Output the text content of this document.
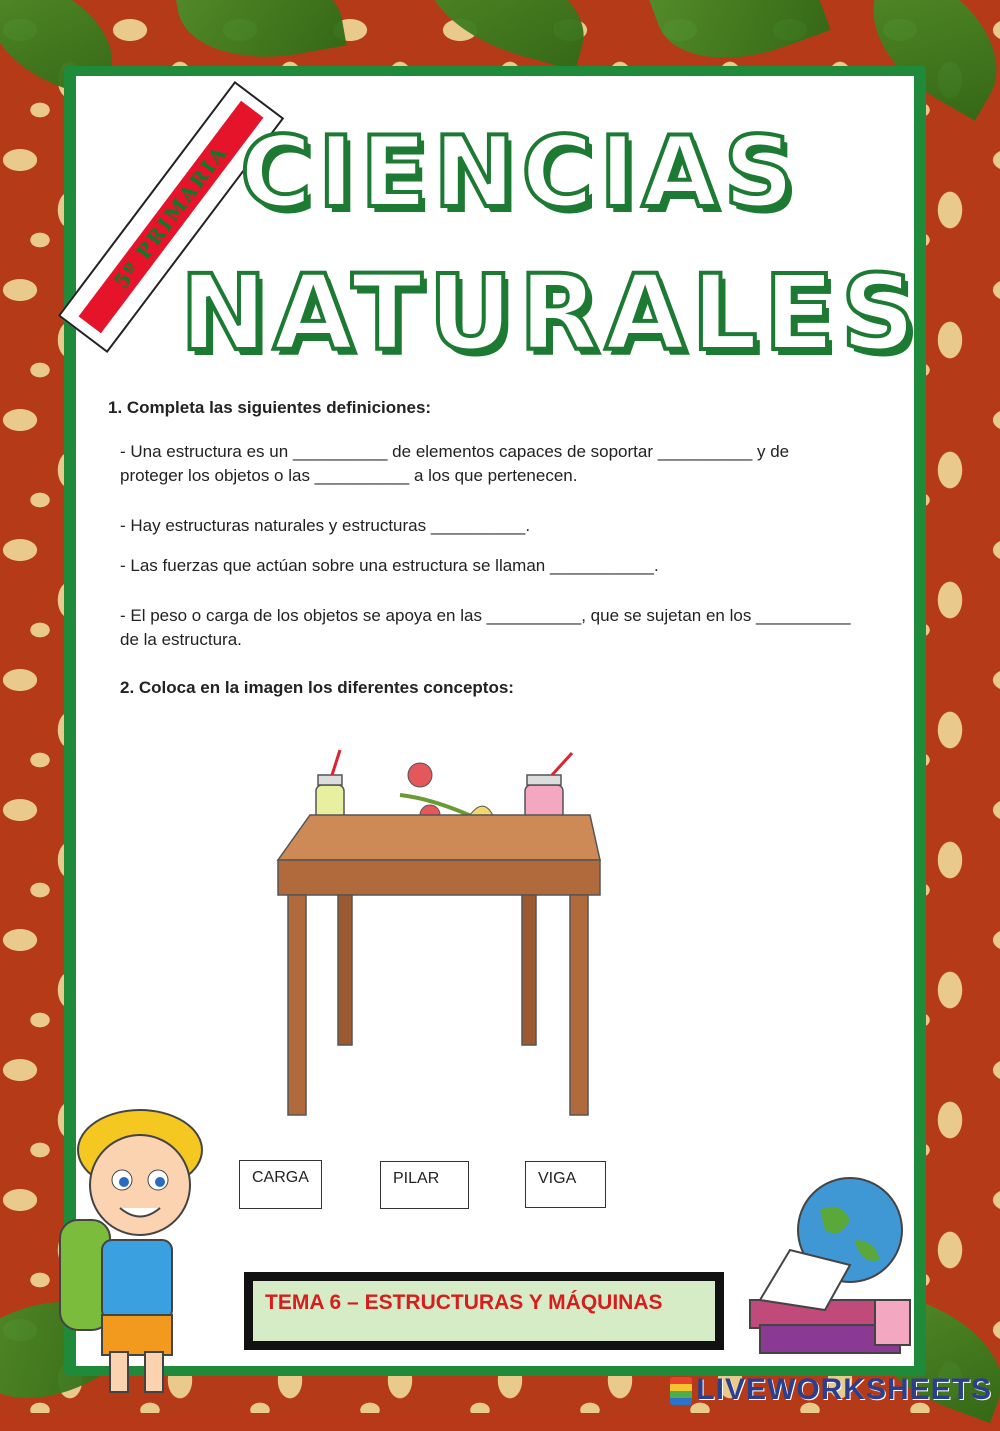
5º PRIMARIA CIENCIAS
NATURALES
1. Completa las siguientes definiciones:
- Una estructura es un __________ de elementos capaces de soportar __________ y de
proteger los objetos o las __________ a los que pertenecen.
- Hay estructuras naturales y estructuras __________.
- Las fuerzas que actúan sobre una estructura se llaman ___________.
- El peso o carga de los objetos se apoya en las __________, que se sujetan en los __________
de la estructura.
2. Coloca en la imagen los diferentes conceptos:
CARGA	PILAR	VIGA
TEMA 6 – ESTRUCTURAS Y MÁQUINAS
LIVEWORKSHEETS
